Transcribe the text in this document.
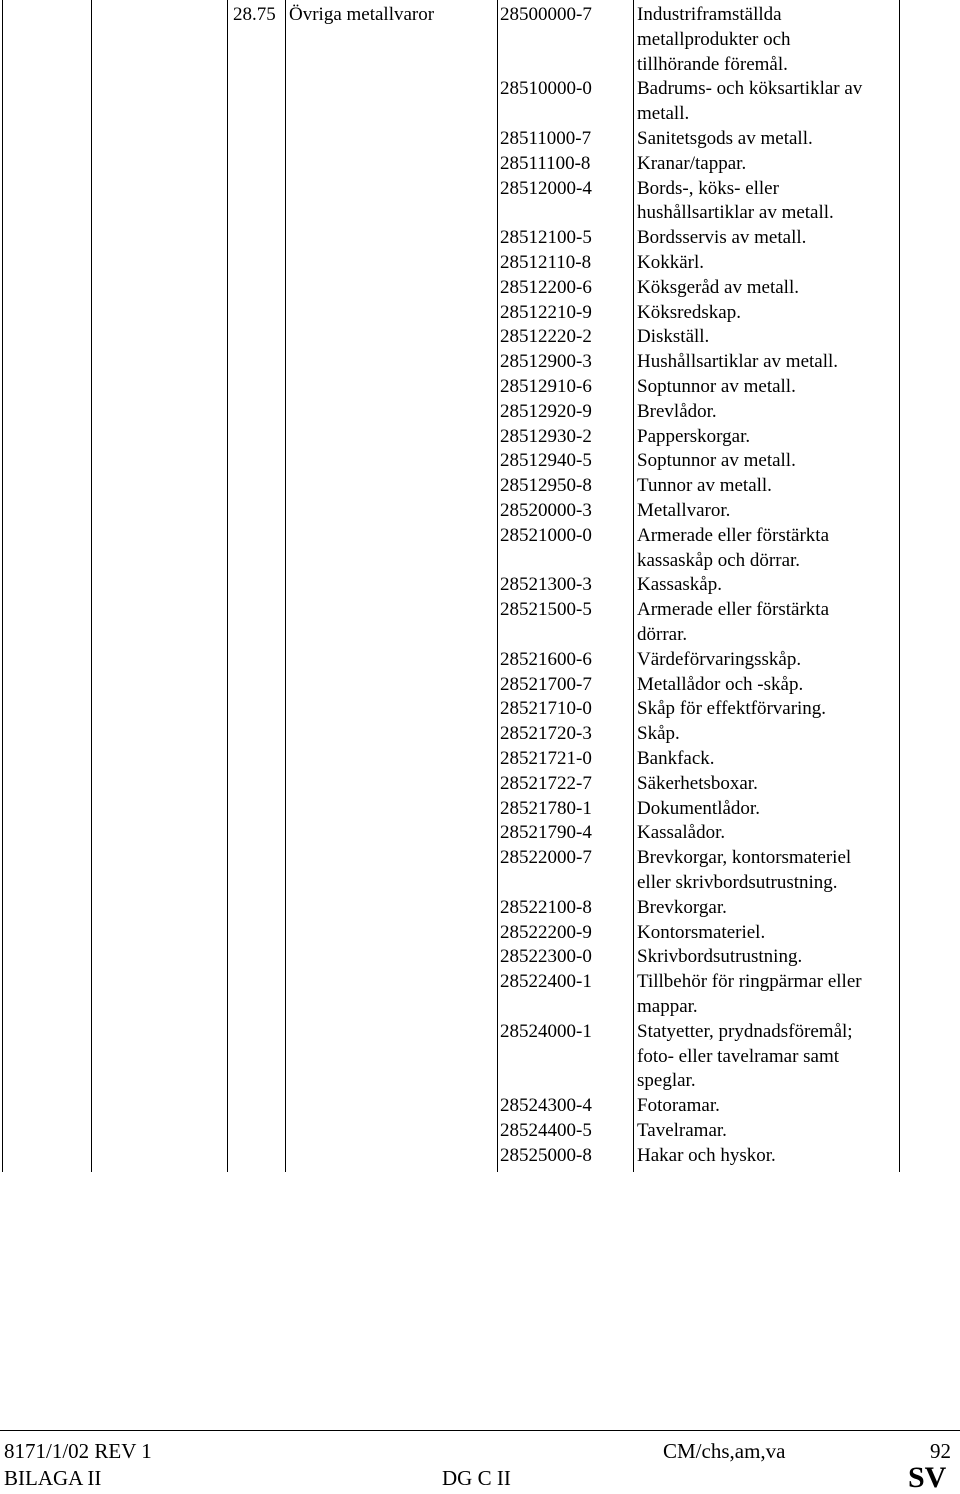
28.75 Övriga metallvaror	28500000-7 Industriframställda
metallprodukter och
tillhörande föremål.
28510000-0 Badrums- och köksartiklar av
metall.
28511000-7 Sanitetsgods av metall.
28511100-8 Kranar/tappar.
28512000-4 Bords-, köks- eller
hushållsartiklar av metall.
28512100-5 Bordsservis av metall.
28512110-8 Kokkärl.
28512200-6 Köksgeråd av metall.
28512210-9 Köksredskap.
28512220-2 Diskställ.
28512900-3 Hushållsartiklar av metall.
28512910-6 Soptunnor av metall.
28512920-9 Brevlådor.
28512930-2 Papperskorgar.
28512940-5 Soptunnor av metall.
28512950-8 Tunnor av metall.
28520000-3 Metallvaror.
28521000-0 Armerade eller förstärkta
kassaskåp och dörrar.
28521300-3 Kassaskåp.
28521500-5 Armerade eller förstärkta
dörrar.
28521600-6 Värdeförvaringsskåp.
28521700-7 Metallådor och -skåp.
28521710-0 Skåp för effektförvaring.
28521720-3 Skåp.
28521721-0 Bankfack.
28521722-7 Säkerhetsboxar.
28521780-1 Dokumentlådor.
28521790-4 Kassalådor.
28522000-7 Brevkorgar, kontorsmateriel
eller skrivbordsutrustning.
28522100-8 Brevkorgar.
28522200-9 Kontorsmateriel.
28522300-0 Skrivbordsutrustning.
28522400-1 Tillbehör för ringpärmar eller
mappar.
28524000-1 Statyetter, prydnadsföremål;
foto- eller tavelramar samt
speglar.
28524300-4 Fotoramar.
28524400-5 Tavelramar.
28525000-8 Hakar och hyskor.
8171/1/02 REV 1	CM/chs,am,va	92
BILAGA II	DG C II	SV
